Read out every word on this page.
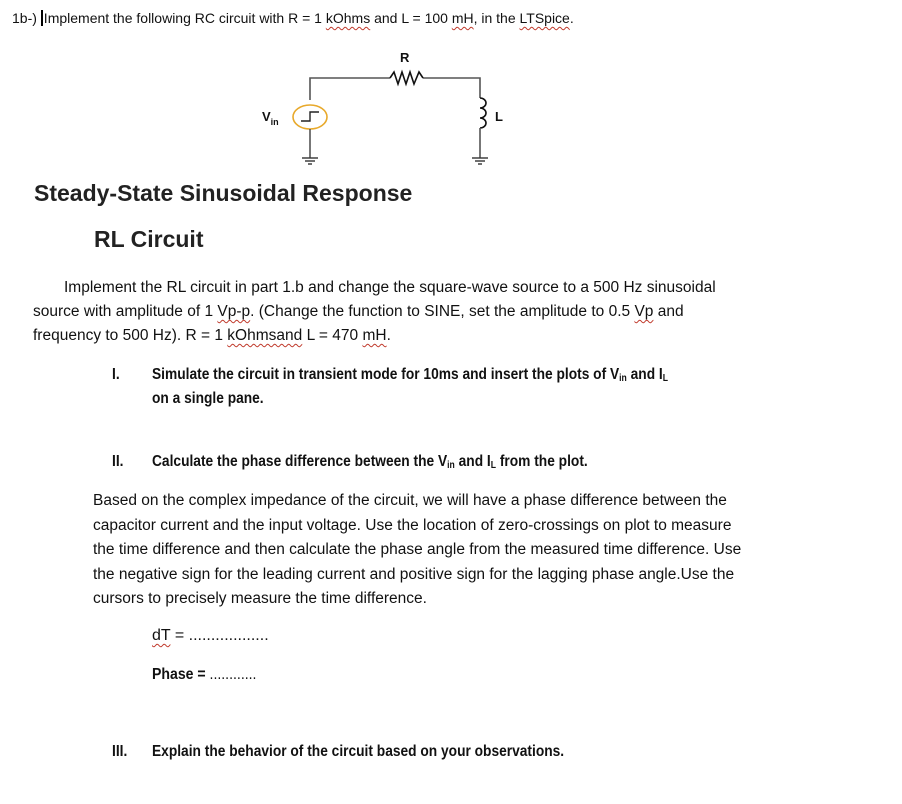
1b-) Implement the following RC circuit with R = 1 kOhms and L = 100 mH, in the LTSpice.
R
L
$V_{in}$
Steady-State Sinusoidal Response
RL Circuit
Implement the RL circuit in part 1.b and change the square-wave source to a 500 Hz sinusoidal
source with amplitude of 1 Vp-p. (Change the function to SINE, set the amplitude to 0.5 Vp and
frequency to 500 Hz). R = 1 kOhmsand L = 470 mH.
I. Simulate the circuit in transient mode for 10ms and insert the plots of $V_{in}$ and $I_L$
on a single pane.
II. Calculate the phase difference between the $V_{in}$ and $I_L$ from the plot.
Based on the complex impedance of the circuit, we will have a phase difference between the
capacitor current and the input voltage. Use the location of zero-crossings on plot to measure
the time difference and then calculate the phase angle from the measured time difference. Use
the negative sign for the leading current and positive sign for the lagging phase angle.Use the
cursors to precisely measure the time difference.
dT = ..................
Phase = ............
III. Explain the behavior of the circuit based on your observations.
